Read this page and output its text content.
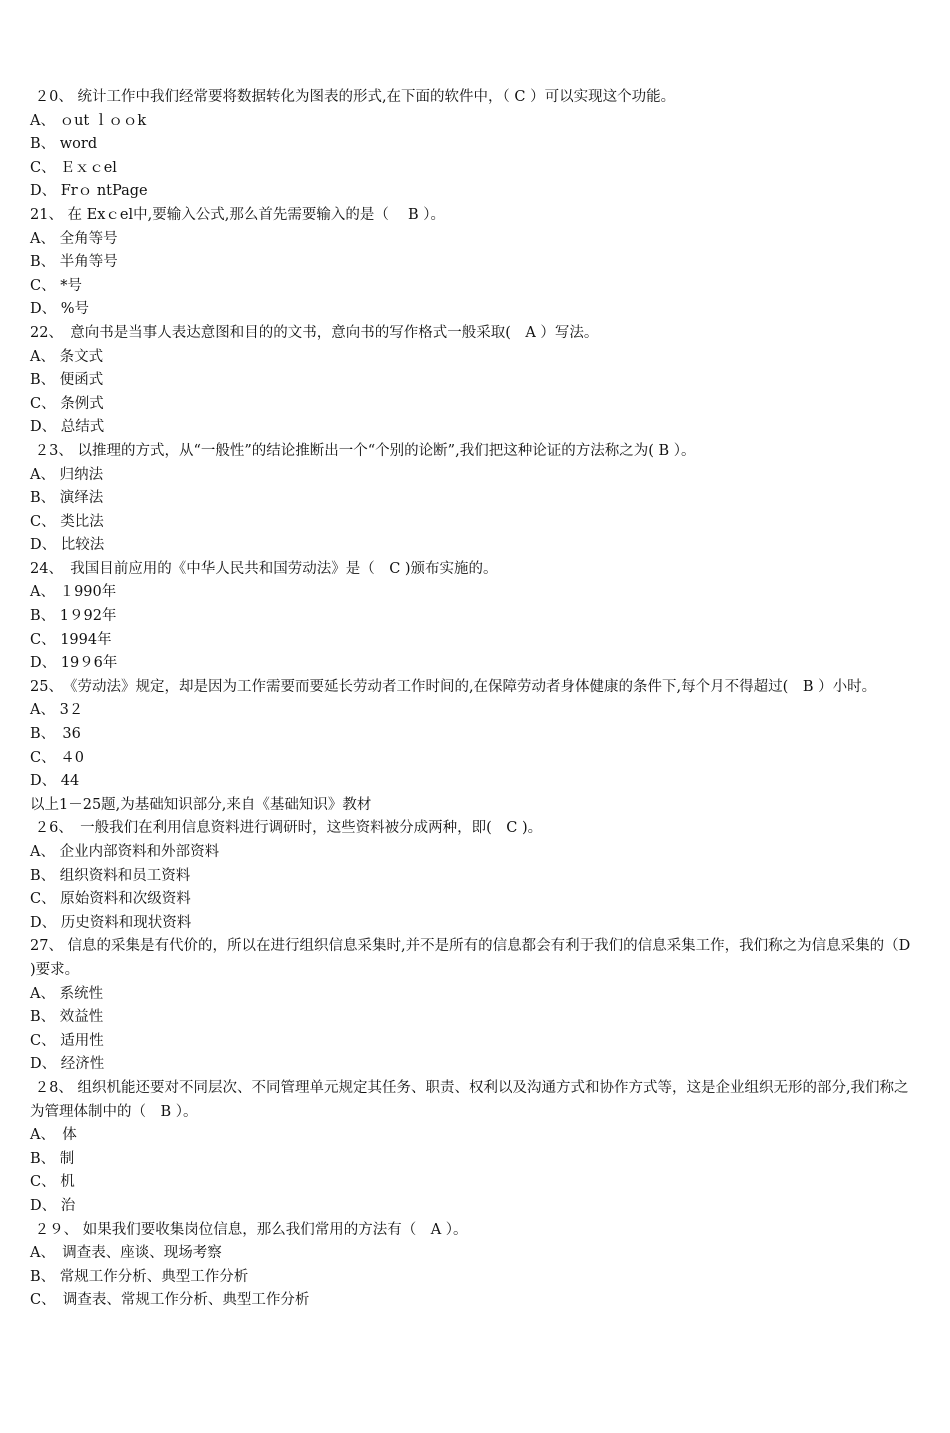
２0、 统计工作中我们经常要将数据转化为图表的形式,在下面的软件中，（ C ）可以实现这个功能。

A、 ｏut ｌｏｏk

B、 word

C、 Ｅｘｃel

D、 Frｏ ntPage

21、 在 Exｃel中,要输入公式,那么首先需要输入的是（　 B ）。

A、 全角等号

B、 半角等号

C、 *号

D、 %号

22、　意向书是当事人表达意图和目的的文书，意向书的写作格式一般采取(　A ）写法。

A、 条文式

B、 便函式

C、 条例式

D、 总结式

２3、 以推理的方式，从“一般性”的结论推断出一个“个别的论断”,我们把这种论证的方法称之为( B ）。

A、 归纳法

B、 演绎法

C、 类比法

D、 比较法

24、　我国目前应用的《中华人民共和国劳动法》是（　C )颁布实施的。

A、 １990年

B、 1９92年

C、 1994年

D、 19９6年

25、　《劳动法》规定，却是因为工作需要而要延长劳动者工作时间的,在保障劳动者身体健康的条件下,每个月不得超过(　B ）小时。

A、 3２

B、　36

C、 ４0

D、 44

以上1－25题,为基础知识部分,来自《基础知识》教材

２6、　一般我们在利用信息资料进行调研时，这些资料被分成两种，即(　C )。

A、 企业内部资料和外部资料

B、 组织资料和员工资料

C、 原始资料和次级资料

D、 历史资料和现状资料

27、 信息的采集是有代价的，所以在进行组织信息采集时,并不是所有的信息都会有利于我们的信息采集工作，我们称之为信息采集的（D　)要求。

A、 系统性

B、 效益性

C、 适用性

D、 经济性

２8、 组织机能还要对不同层次、不同管理单元规定其任务、职责、权利以及沟通方式和协作方式等，这是企业组织无形的部分,我们称之为管理体制中的（　B ）。

A、　体

B、 制

C、 机

D、 治

２９、 如果我们要收集岗位信息，那么我们常用的方法有（　A ）。

A、　调查表、座谈、现场考察

B、 常规工作分析、典型工作分析

C、　调查表、常规工作分析、典型工作分析
